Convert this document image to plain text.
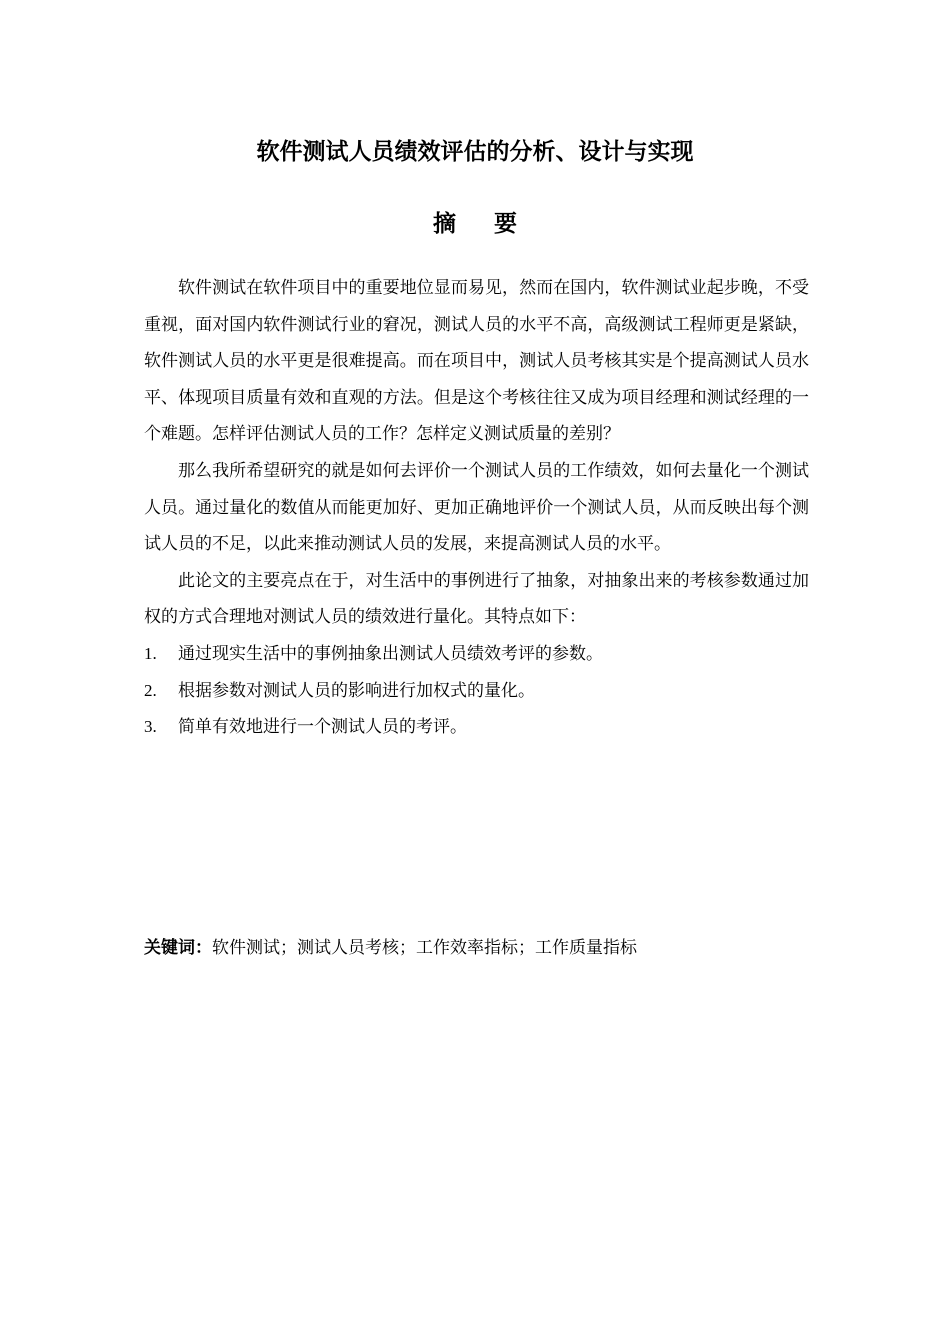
软件测试人员绩效评估的分析、设计与实现
摘要

软件测试在软件项目中的重要地位显而易见，然而在国内，软件测试业起步晚，不受重视，面对国内软件测试行业的窘况，测试人员的水平不高，高级测试工程师更是紧缺，软件测试人员的水平更是很难提高。而在项目中，测试人员考核其实是个提高测试人员水平、体现项目质量有效和直观的方法。但是这个考核往往又成为项目经理和测试经理的一个难题。怎样评估测试人员的工作？怎样定义测试质量的差别？

那么我所希望研究的就是如何去评价一个测试人员的工作绩效，如何去量化一个测试人员。通过量化的数值从而能更加好、更加正确地评价一个测试人员，从而反映出每个测试人员的不足，以此来推动测试人员的发展，来提高测试人员的水平。

此论文的主要亮点在于，对生活中的事例进行了抽象，对抽象出来的考核参数通过加权的方式合理地对测试人员的绩效进行量化。其特点如下：

1.	通过现实生活中的事例抽象出测试人员绩效考评的参数。
2.	根据参数对测试人员的影响进行加权式的量化。
3.	简单有效地进行一个测试人员的考评。
关键词：软件测试；测试人员考核；工作效率指标；工作质量指标
